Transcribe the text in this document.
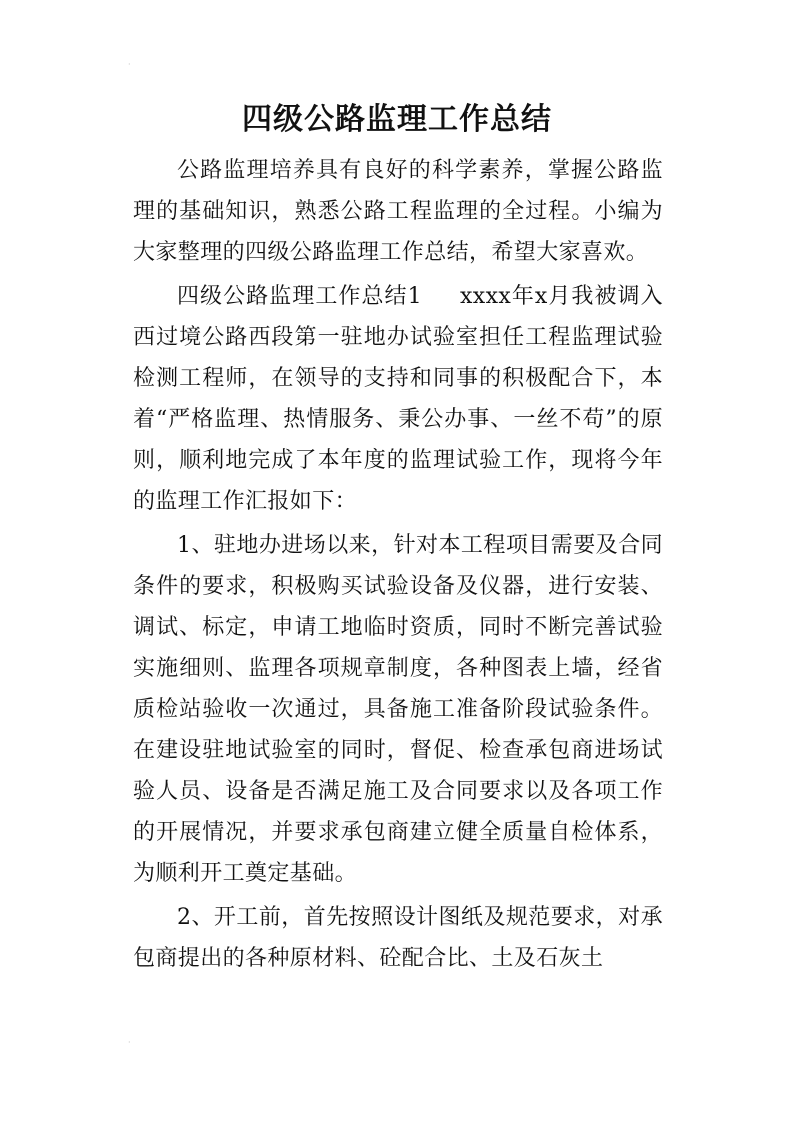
·
·
四级公路监理工作总结

公路监理培养具有良好的科学素养，掌握公路监理的基础知识，熟悉公路工程监理的全过程。小编为大家整理的四级公路监理工作总结，希望大家喜欢。

四级公路监理工作总结1 xxxx年x月我被调入西过境公路西段第一驻地办试验室担任工程监理试验检测工程师，在领导的支持和同事的积极配合下，本着“严格监理、热情服务、秉公办事、一丝不苟”的原则，顺利地完成了本年度的监理试验工作，现将今年的监理工作汇报如下：

1、驻地办进场以来，针对本工程项目需要及合同条件的要求，积极购买试验设备及仪器，进行安装、调试、标定，申请工地临时资质，同时不断完善试验实施细则、监理各项规章制度，各种图表上墙，经省质检站验收一次通过，具备施工准备阶段试验条件。在建设驻地试验室的同时，督促、检查承包商进场试验人员、设备是否满足施工及合同要求以及各项工作的开展情况，并要求承包商建立健全质量自检体系，为顺利开工奠定基础。

2、开工前，首先按照设计图纸及规范要求，对承包商提出的各种原材料、砼配合比、土及石灰土
